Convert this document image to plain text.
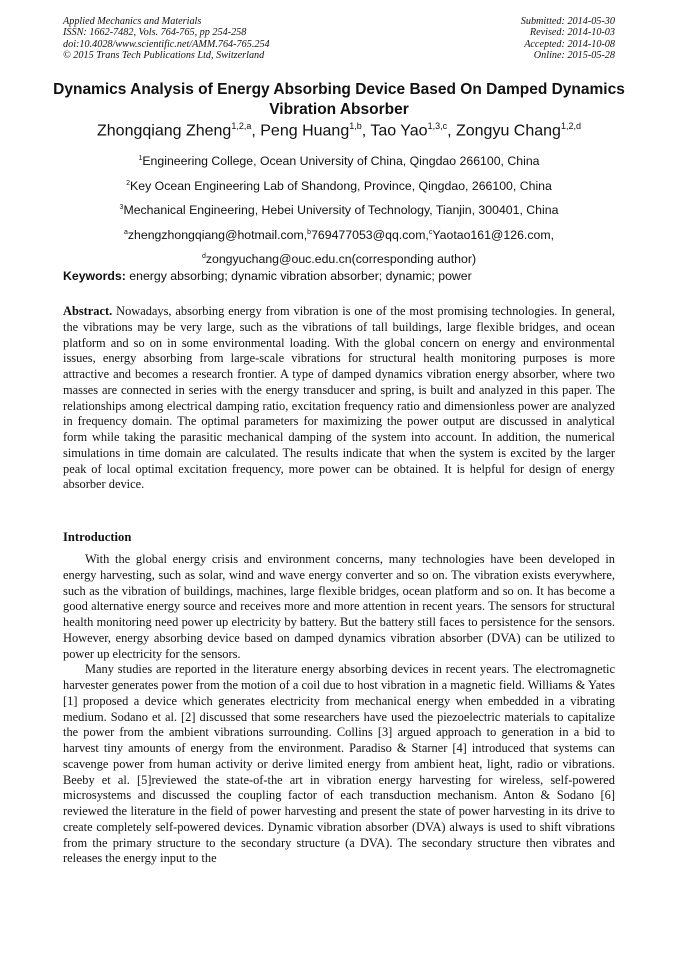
Applied Mechanics and Materials
ISSN: 1662-7482, Vols. 764-765, pp 254-258
doi:10.4028/www.scientific.net/AMM.764-765.254
© 2015 Trans Tech Publications Ltd, Switzerland
Submitted: 2014-05-30
Revised: 2014-10-03
Accepted: 2014-10-08
Online: 2015-05-28
Dynamics Analysis of Energy Absorbing Device Based On Damped Dynamics Vibration Absorber
Zhongqiang Zheng$^{1,2,a}$, Peng Huang$^{1,b}$, Tao Yao$^{1,3,c}$, Zongyu Chang$^{1,2,d}$
$^1$Engineering College, Ocean University of China, Qingdao 266100, China
$^2$Key Ocean Engineering Lab of Shandong, Province, Qingdao, 266100, China
$^3$Mechanical Engineering, Hebei University of Technology, Tianjin, 300401, China
$^a$zhengzhongqiang@hotmail.com,$^b$769477053@qq.com,$^c$Yaotao161@126.com,
$^d$zongyuchang@ouc.edu.cn(corresponding author)
Keywords: energy absorbing; dynamic vibration absorber; dynamic; power

Abstract. Nowadays, absorbing energy from vibration is one of the most promising technologies. In general, the vibrations may be very large, such as the vibrations of tall buildings, large flexible bridges, and ocean platform and so on in some environmental loading. With the global concern on energy and environmental issues, energy absorbing from large-scale vibrations for structural health monitoring purposes is more attractive and becomes a research frontier. A type of damped dynamics vibration energy absorber, where two masses are connected in series with the energy transducer and spring, is built and analyzed in this paper. The relationships among electrical damping ratio, excitation frequency ratio and dimensionless power are analyzed in frequency domain. The optimal parameters for maximizing the power output are discussed in analytical form while taking the parasitic mechanical damping of the system into account. In addition, the numerical simulations in time domain are calculated. The results indicate that when the system is excited by the larger peak of local optimal excitation frequency, more power can be obtained. It is helpful for design of energy absorber device.

Introduction

With the global energy crisis and environment concerns, many technologies have been developed in energy harvesting, such as solar, wind and wave energy converter and so on. The vibration exists everywhere, such as the vibration of buildings, machines, large flexible bridges, ocean platform and so on. It has become a good alternative energy source and receives more and more attention in recent years. The sensors for structural health monitoring need power up electricity by battery. But the battery still faces to persistence for the sensors. However, energy absorbing device based on damped dynamics vibration absorber (DVA) can be utilized to power up electricity for the sensors.

Many studies are reported in the literature energy absorbing devices in recent years. The electromagnetic harvester generates power from the motion of a coil due to host vibration in a magnetic field. Williams & Yates [1] proposed a device which generates electricity from mechanical energy when embedded in a vibrating medium. Sodano et al. [2] discussed that some researchers have used the piezoelectric materials to capitalize the power from the ambient vibrations surrounding. Collins [3] argued approach to generation in a bid to harvest tiny amounts of energy from the environment. Paradiso & Starner [4] introduced that systems can scavenge power from human activity or derive limited energy from ambient heat, light, radio or vibrations. Beeby et al. [5]reviewed the state-of-the art in vibration energy harvesting for wireless, self-powered microsystems and discussed the coupling factor of each transduction mechanism. Anton & Sodano [6] reviewed the literature in the field of power harvesting and present the state of power harvesting in its drive to create completely self-powered devices. Dynamic vibration absorber (DVA) always is used to shift vibrations from the primary structure to the secondary structure (a DVA). The secondary structure then vibrates and releases the energy input to the
